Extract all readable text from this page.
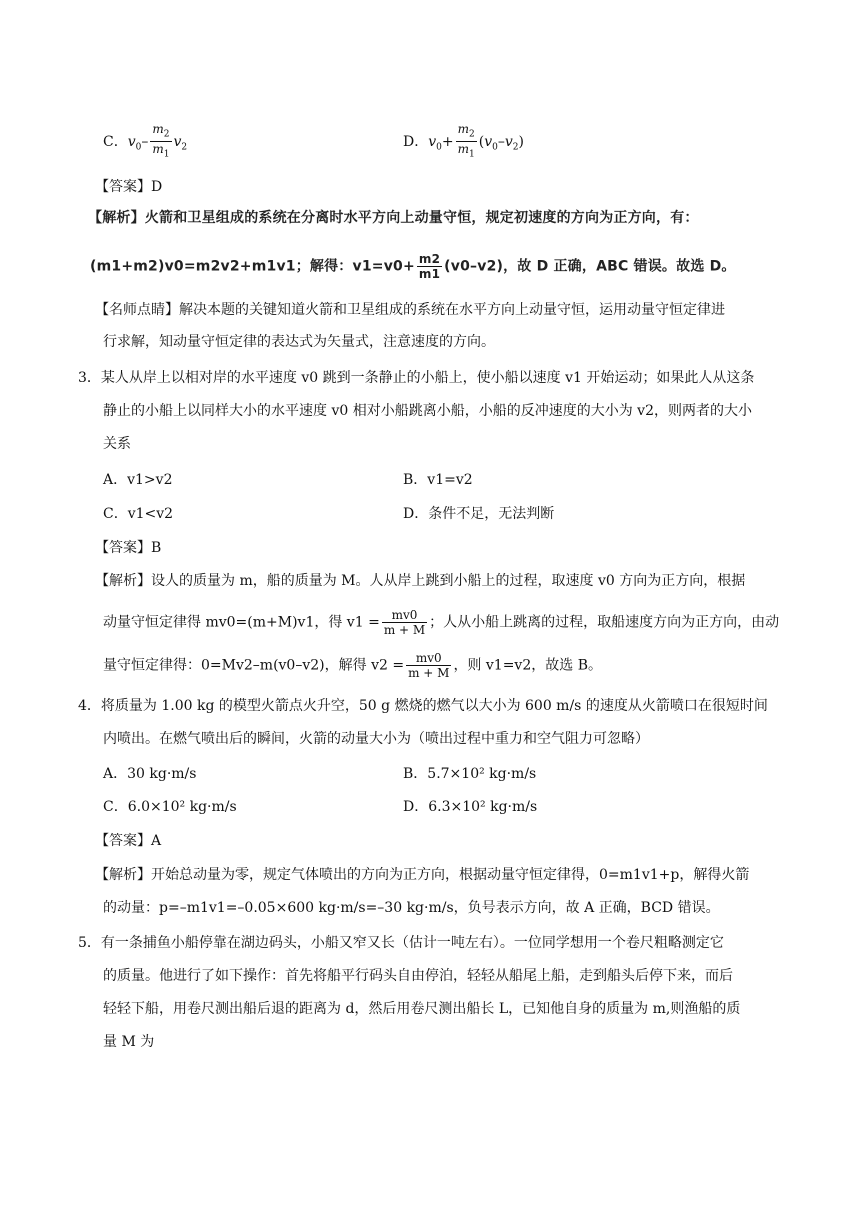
C．$v_0- \frac{m_2}{m_1} v_2$	D．$v_0+ \frac{m_2}{m_1} (v_0-v_2)$
【答案】D
【解析】火箭和卫星组成的系统在分离时水平方向上动量守恒，规定初速度的方向为正方向，有：
(m1+m2)v0=m2v2+m1v1；解得：$v1=v0+ \frac{m2}{m1} (v0-v2)$，故 D 正确，ABC 错误。故选 D。
【名师点睛】解决本题的关键知道火箭和卫星组成的系统在水平方向上动量守恒，运用动量守恒定律进
行求解，知动量守恒定律的表达式为矢量式，注意速度的方向。
3．某人从岸上以相对岸的水平速度 v0 跳到一条静止的小船上，使小船以速度 v1 开始运动；如果此人从这条
静止的小船上以同样大小的水平速度 v0 相对小船跳离小船，小船的反冲速度的大小为 v2，则两者的大小
关系
A．v1>v2	B．v1=v2
C．v1<v2	D．条件不足，无法判断
【答案】B
【解析】设人的质量为 m，船的质量为 M。人从岸上跳到小船上的过程，取速度 v0 方向为正方向，根据
动量守恒定律得 mv0=(m+M)v1，得 $v1 = \frac{mv0}{m + M}$ ；人从小船上跳离的过程，取船速度方向为正方向，由动
量守恒定律得：0=Mv2–m(v0–v2)，解得 $v2 = \frac{mv0}{m + M}$ ，则 v1=v2，故选 B。
4．将质量为 1.00 kg 的模型火箭点火升空，50 g 燃烧的燃气以大小为 600 m/s 的速度从火箭喷口在很短时间
内喷出。在燃气喷出后的瞬间，火箭的动量大小为（喷出过程中重力和空气阻力可忽略）
A．30 kg·m/s	B．5.7×10² kg·m/s
C．6.0×10² kg·m/s	D．6.3×10² kg·m/s
【答案】A
【解析】开始总动量为零，规定气体喷出的方向为正方向，根据动量守恒定律得，0=m1v1+p，解得火箭
的动量：p=–m1v1=–0.05×600 kg·m/s=–30 kg·m/s，负号表示方向，故 A 正确，BCD 错误。
5．有一条捕鱼小船停靠在湖边码头，小船又窄又长（估计一吨左右）。一位同学想用一个卷尺粗略测定它
的质量。他进行了如下操作：首先将船平行码头自由停泊，轻轻从船尾上船，走到船头后停下来，而后
轻轻下船，用卷尺测出船后退的距离为 d，然后用卷尺测出船长 L，已知他自身的质量为 m,则渔船的质
量 M 为
